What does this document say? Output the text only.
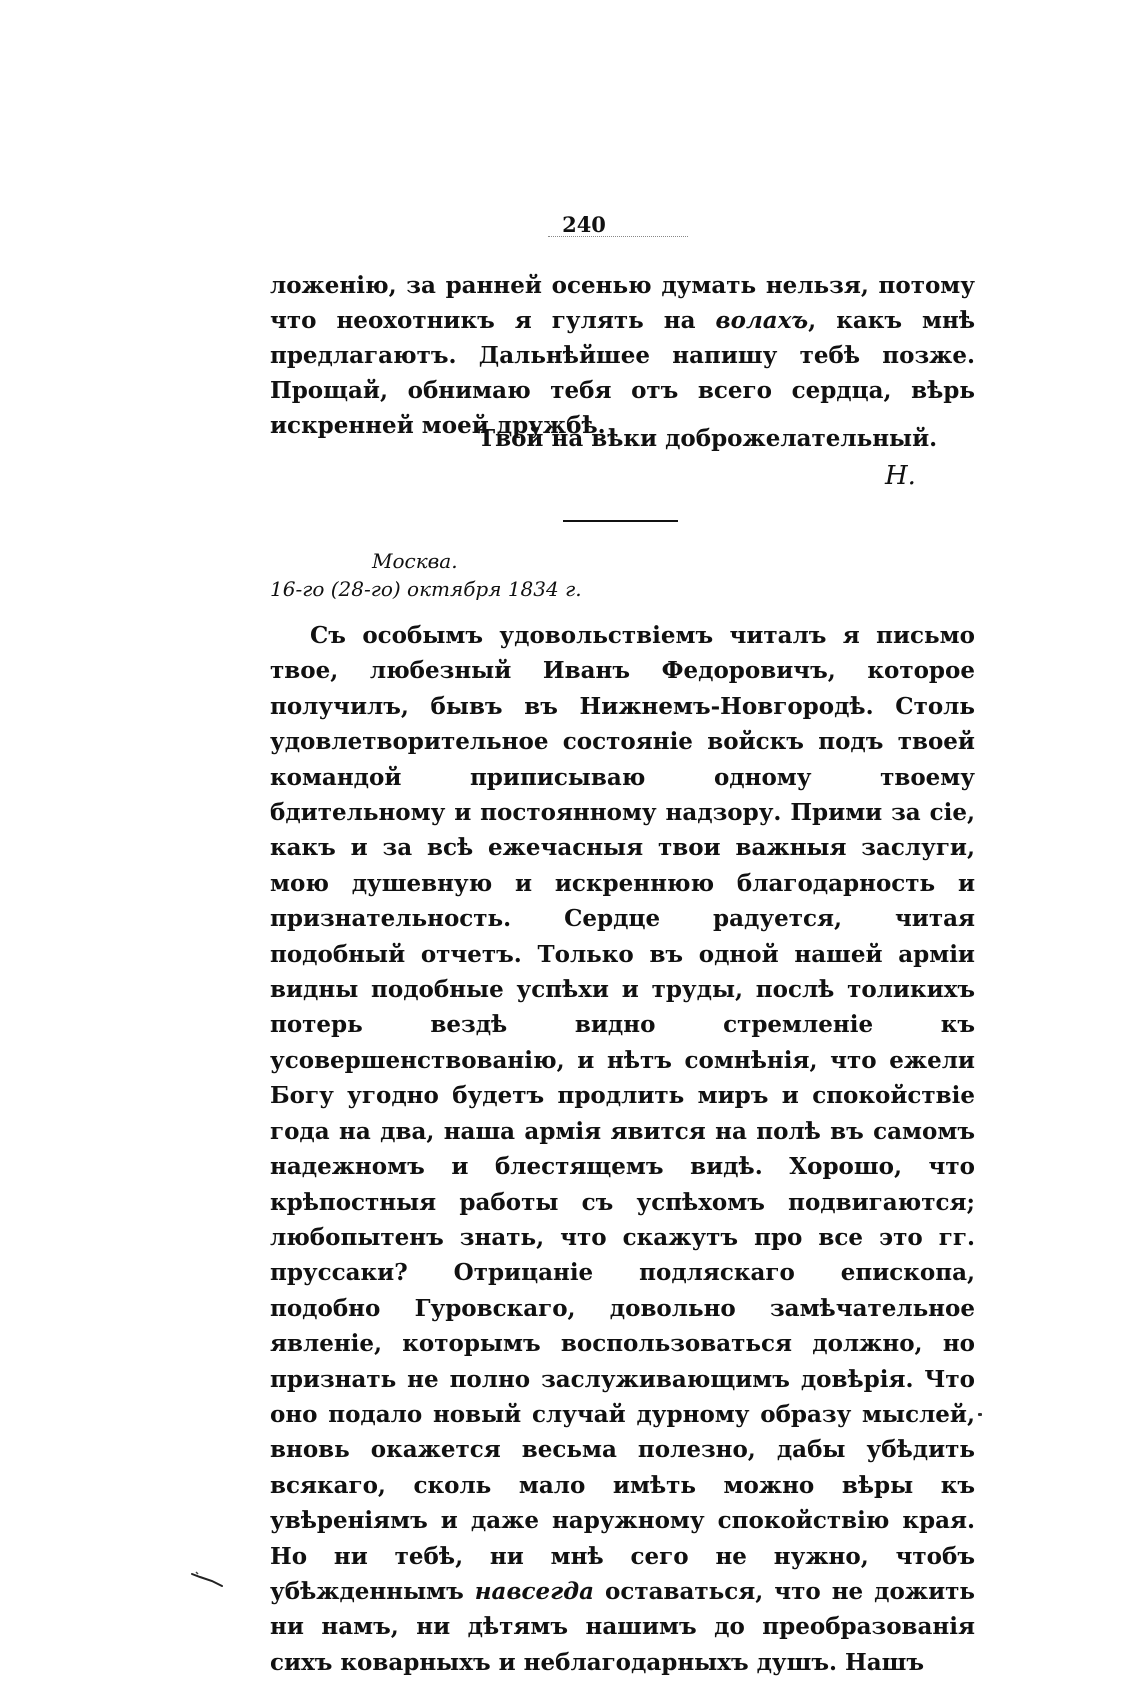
240

ложенію, за ранней осенью думать нельзя, потому что неохотникъ я гулять на волахъ, какъ мнѣ предлагаютъ. Дальнѣйшее напишу тебѣ позже. Прощай, обнимаю тебя отъ всего сердца, вѣрь искренней моей дружбѣ.

Твой на вѣки доброжелательный.
Н.
Москва.
16-го (28-го) октября 1834 г.

Съ особымъ удовольствіемъ читалъ я письмо твое, любезный Иванъ Федоровичъ, которое получилъ, бывъ въ Нижнемъ-Новгородѣ. Столь удовлетворительное состояніе войскъ подъ твоей командой приписываю одному твоему бдительному и постоянному надзору. Прими за сіе, какъ и за всѣ ежечасныя твои важныя заслуги, мою душевную и искреннюю благодарность и признательность. Сердце радуется, читая подобный отчетъ. Только въ одной нашей арміи видны подобные успѣхи и труды, послѣ толикихъ потерь вездѣ видно стремленіе къ усовершенствованію, и нѣтъ сомнѣнія, что ежели Богу угодно будетъ продлить миръ и спокойствіе года на два, наша армія явится на полѣ въ самомъ надежномъ и блестящемъ видѣ. Хорошо, что крѣпостныя работы съ успѣхомъ подвигаются; любопытенъ знать, что скажутъ про все это гг. пруссаки? Отрицаніе подляскаго епископа, подобно Гуровскаго, довольно замѣчательное явленіе, которымъ воспользоваться должно, но признать не полно заслуживающимъ довѣрія. Что оно подало новый случай дурному образу мыслей, вновь окажется весьма полезно, дабы убѣдить всякаго, сколь мало имѣть можно вѣры къ увѣреніямъ и даже наружному спокойствію края. Но ни тебѣ, ни мнѣ сего не нужно, чтобъ убѣжденнымъ навсегда оставаться, что не дожить ни намъ, ни дѣтямъ нашимъ до преобразованія сихъ коварныхъ и неблагодарныхъ душъ. Нашъ
